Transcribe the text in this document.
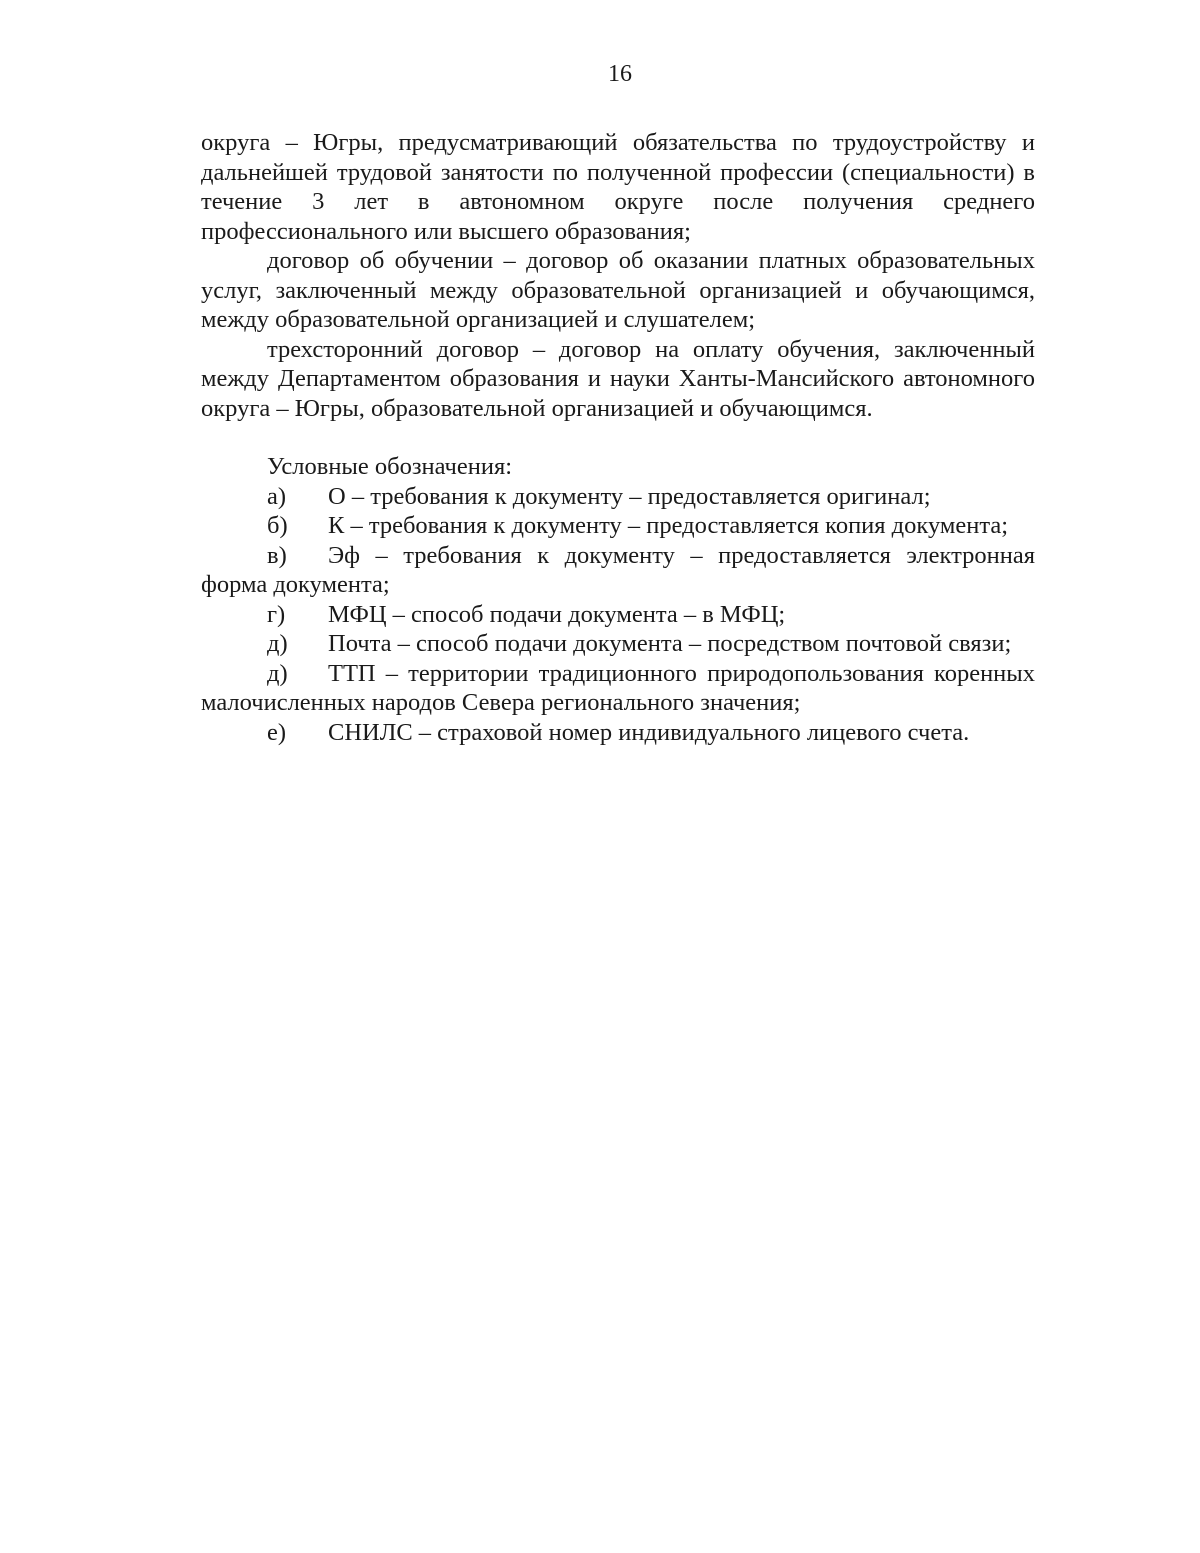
16

округа – Югры, предусматривающий обязательства по трудоустройству и дальнейшей трудовой занятости по полученной профессии (специальности) в течение 3 лет в автономном округе после получения среднего профессионального или высшего образования;

договор об обучении – договор об оказании платных образовательных услуг, заключенный между образовательной организацией и обучающимся, между образовательной организацией и слушателем;

трехсторонний договор – договор на оплату обучения, заключенный между Департаментом образования и науки Ханты-Мансийского автономного округа – Югры, образовательной организацией и обучающимся.

Условные обозначения:

а) О – требования к документу – предоставляется оригинал;

б) К – требования к документу – предоставляется копия документа;

в) Эф – требования к документу – предоставляется электронная форма документа;

г) МФЦ – способ подачи документа – в МФЦ;

д) Почта – способ подачи документа – посредством почтовой связи;

д) ТТП – территории традиционного природопользования коренных малочисленных народов Севера регионального значения;

е) СНИЛС – страховой номер индивидуального лицевого счета.
